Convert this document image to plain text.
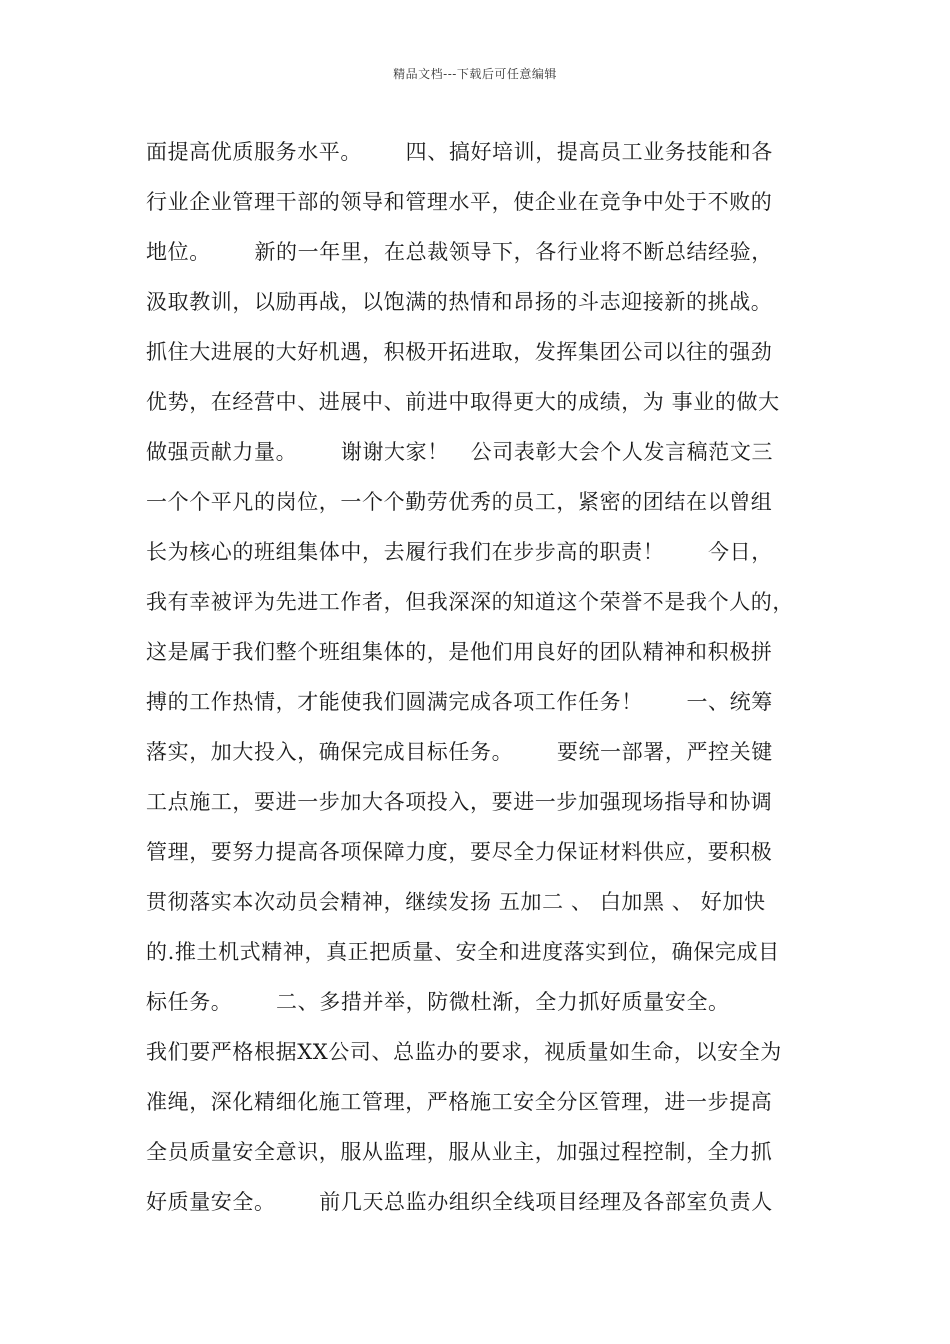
精品文档---下载后可任意编辑
面提高优质服务水平。      四、搞好培训，提高员工业务技能和各
行业企业管理干部的领导和管理水平，使企业在竞争中处于不败的
地位。      新的一年里，在总裁领导下，各行业将不断总结经验，
汲取教训，以励再战，以饱满的热情和昂扬的斗志迎接新的挑战。
抓住大进展的大好机遇，积极开拓进取，发挥集团公司以往的强劲
优势，在经营中、进展中、前进中取得更大的成绩，为 事业的做大
做强贡献力量。      谢谢大家！   公司表彰大会个人发言稿范文三
一个个平凡的岗位，一个个勤劳优秀的员工，紧密的团结在以曾组
长为核心的班组集体中，去履行我们在步步高的职责！      今日，
我有幸被评为先进工作者，但我深深的知道这个荣誉不是我个人的，
这是属于我们整个班组集体的，是他们用良好的团队精神和积极拼
搏的工作热情，才能使我们圆满完成各项工作任务！      一、统筹
落实，加大投入，确保完成目标任务。      要统一部署，严控关键
工点施工，要进一步加大各项投入，要进一步加强现场指导和协调
管理，要努力提高各项保障力度，要尽全力保证材料供应，要积极
贯彻落实本次动员会精神，继续发扬 五加二 、 白加黑 、 好加快
的.推土机式精神，真正把质量、安全和进度落实到位，确保完成目
标任务。      二、多措并举，防微杜渐，全力抓好质量安全。
我们要严格根据XX公司、总监办的要求，视质量如生命，以安全为
准绳，深化精细化施工管理，严格施工安全分区管理，进一步提高
全员质量安全意识，服从监理，服从业主，加强过程控制，全力抓
好质量安全。      前几天总监办组织全线项目经理及各部室负责人
